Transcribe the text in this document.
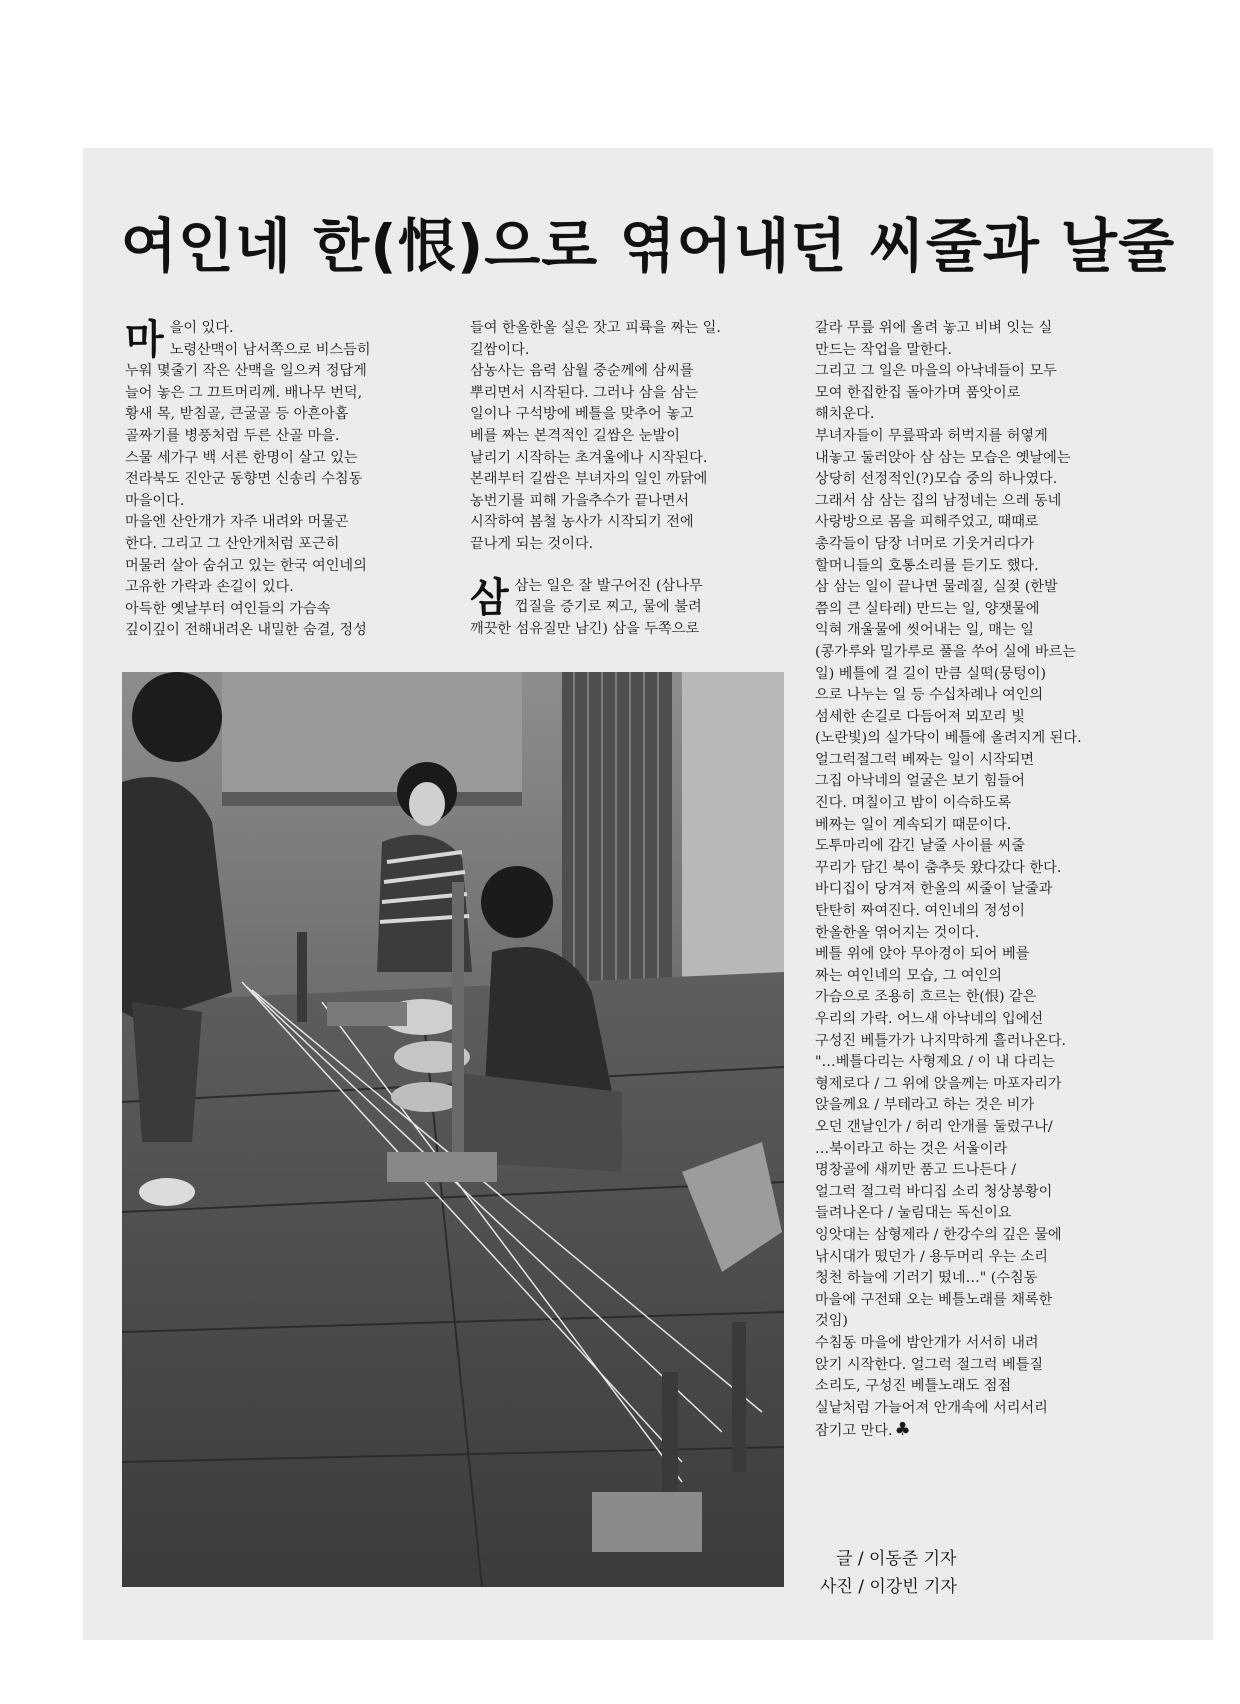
여인네 한(恨)으로 엮어내던 씨줄과 날줄
마 을이 있다.

노령산맥이 남서쪽으로 비스듬히

누워 몇줄기 작은 산맥을 일으켜 정답게

늘어 놓은 그 끄트머리께. 배나무 번덕,

황새 목, 받침골, 큰굴골 등 아흔아홉

골짜기를 병풍처럼 두른 산골 마을.

스물 세가구 백 서른 한명이 살고 있는

전라북도 진안군 동향면 신송리 수침동

마을이다.

마을엔 산안개가 자주 내려와 머물곤

한다. 그리고 그 산안개처럼 포근히

머물러 살아 숨쉬고 있는 한국 여인네의

고유한 가락과 손길이 있다.

아득한 옛날부터 여인들의 가슴속

깊이깊이 전해내려온 내밀한 숨결, 정성

들여 한올한올 실은 잣고 피륙을 짜는 일.

길쌈이다.

삼농사는 음력 삼월 중순께에 삼씨를

뿌리면서 시작된다. 그러나 삼을 삼는

일이나 구석방에 베틀을 맞추어 놓고

베를 짜는 본격적인 길쌈은 눈발이

날리기 시작하는 초겨울에나 시작된다.

본래부터 길쌈은 부녀자의 일인 까닭에

농번기를 피해 가을추수가 끝나면서

시작하여 봄철 농사가 시작되기 전에

끝나게 되는 것이다.

삼 삼는 일은 잘 발구어진 (삼나무

껍질을 증기로 찌고, 물에 불려

깨끗한 섬유질만 남긴) 삼을 두쪽으로

갈라 무릎 위에 올려 놓고 비벼 잇는 실

만드는 작업을 말한다.

그리고 그 일은 마을의 아낙네들이 모두

모여 한집한집 돌아가며 품앗이로

해치운다.

부녀자들이 무릎팍과 허벅지를 허옇게

내놓고 둘러앉아 삼 삼는 모습은 옛날에는

상당히 선정적인(?)모습 중의 하나였다.

그래서 삼 삼는 집의 남정네는 으레 동네

사랑방으로 몸을 피해주었고, 때때로

총각들이 담장 너머로 기웃거리다가

할머니들의 호통소리를 듣기도 했다.

삼 삼는 일이 끝나면 물레질, 실젖 (한발

쯤의 큰 실타레) 만드는 일, 양잿물에

익혀 개울물에 씻어내는 일, 매는 일

(콩가루와 밀가루로 풀을 쑤어 실에 바르는

일) 베틀에 걸 길이 만큼 실떡(뭉텅이)

으로 나누는 일 등 수십차례나 여인의

섬세한 손길로 다듬어져 뫼꼬리 빛

(노란빛)의 실가닥이 베틀에 올려지게 된다.

얼그럭절그럭 베짜는 일이 시작되면

그집 아낙네의 얼굴은 보기 힘들어

진다. 며칠이고 밤이 이슥하도록

베짜는 일이 계속되기 때문이다.

도투마리에 감긴 날줄 사이를 씨줄

꾸리가 담긴 북이 춤추듯 왔다갔다 한다.

바디집이 당겨져 한올의 씨줄이 날줄과

탄탄히 짜여진다. 여인네의 정성이

한올한올 엮어지는 것이다.

베틀 위에 앉아 무아경이 되어 베를

짜는 여인네의 모습, 그 여인의

가슴으로 조용히 흐르는 한(恨) 같은

우리의 가락. 어느새 아낙네의 입에선

구성진 베틀가가 나지막하게 흘러나온다.

"…베틀다리는 사형제요 / 이 내 다리는

형제로다 / 그 위에 앉을께는 마포자리가

앉을께요 / 부테라고 하는 것은 비가

오던 갠날인가 / 허리 안개를 둘렀구나/

…북이라고 하는 것은 서울이라

명창골에 새끼만 품고 드나든다 /

얼그럭 절그럭 바디집 소리 청상봉황이

들려나온다 / 눌림대는 독신이요

잉앗대는 삼형제라 / 한강수의 깊은 물에

낚시대가 떴던가 / 용두머리 우는 소리

청천 하늘에 기러기 떴네…" (수침동

마을에 구전돼 오는 베틀노래를 채록한

것임)

수침동 마을에 밤안개가 서서히 내려

앉기 시작한다. 얼그럭 절그럭 베틀질

소리도, 구성진 베틀노래도 점점

실낱처럼 가늘어져 안개속에 서리서리

잠기고 만다. ♣

글 / 이동준 기자

사진 / 이강빈 기자
